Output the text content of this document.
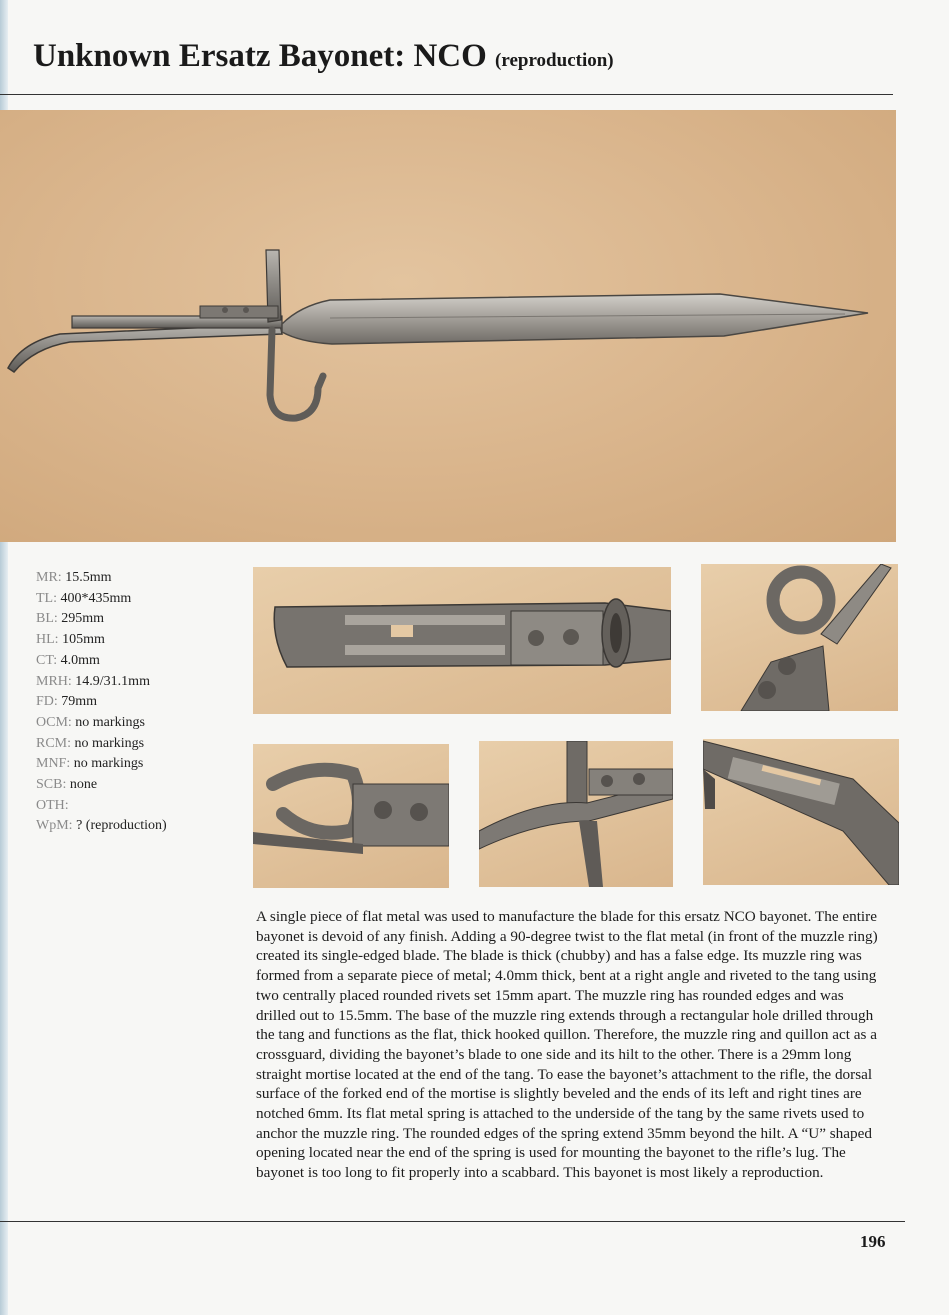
Unknown Ersatz Bayonet: NCO (reproduction)
MR: 15.5mm
TL: 400*435mm
BL: 295mm
HL: 105mm
CT: 4.0mm
MRH: 14.9/31.1mm
FD: 79mm
OCM: no markings
RCM: no markings
MNF: no markings
SCB: none
OTH:
WpM: ? (reproduction)

A single piece of flat metal was used to manufacture the blade for this ersatz NCO bayonet. The entire bayonet is devoid of any finish. Adding a 90-degree twist to the flat metal (in front of the muzzle ring) created its single-edged blade. The blade is thick (chubby) and has a false edge. Its muzzle ring was formed from a separate piece of metal; 4.0mm thick, bent at a right angle and riveted to the tang using two centrally placed rounded rivets set 15mm apart. The muzzle ring has rounded edges and was drilled out to 15.5mm. The base of the muzzle ring extends through a rectangular hole drilled through the tang and functions as the flat, thick hooked quillon. Therefore, the muzzle ring and quillon act as a crossguard, dividing the bayonet’s blade to one side and its hilt to the other. There is a 29mm long straight mortise located at the end of the tang. To ease the bayonet’s attachment to the rifle, the dorsal surface of the forked end of the mortise is slightly beveled and the ends of its left and right tines are notched 6mm. Its flat metal spring is attached to the underside of the tang by the same rivets used to anchor the muzzle ring. The rounded edges of the spring extend 35mm beyond the hilt. A “U” shaped opening located near the end of the spring is used for mounting the bayonet to the rifle’s lug. The bayonet is too long to fit properly into a scabbard. This bayonet is most likely a reproduction.

196
